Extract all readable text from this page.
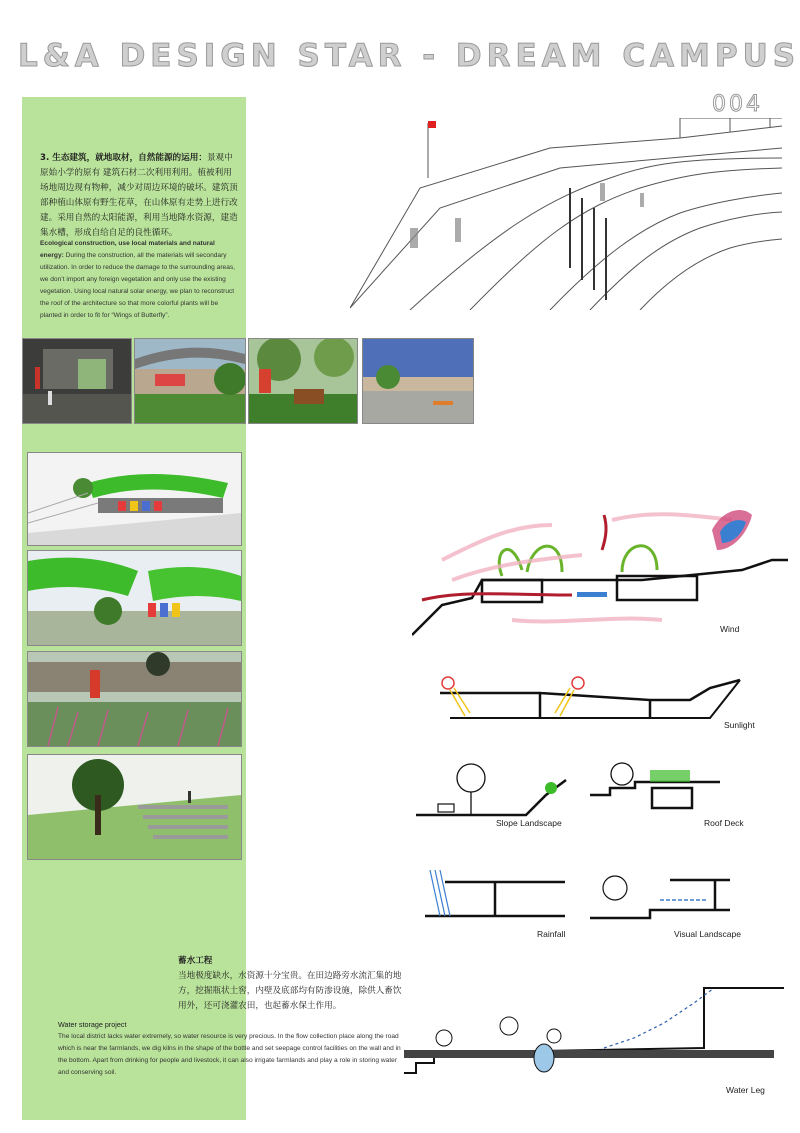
L&A DESIGN STAR - DREAM CAMPUS
004
3. 生态建筑，就地取材，自然能源的运用：景观中原始小学的原有 建筑石材二次利用利用。植被利用场地周边现有物种，减少对周边环境的破坏。建筑顶部种植山体原有野生花草，在山体原有走势上进行改建。采用自然的太阳能源，利用当地降水资源，建造集水槽，形成自给自足的良性循环。
Ecological construction, use local materials and natural energy: During the construction, all the materials will secondary utilization. In order to reduce the damage to the surrounding areas, we don’t import any foreign vegetation and only use the existing vegetation. Using local natural solar energy, we plan to reconstruct the roof of the architecture so that more colorful plants will be planted in order to fit for “Wings of Butterfly”.
Wind
Sunlight
Slope Landscape	Roof Deck
Rainfall	Visual Landscape
Water Leg
蓄水工程
当地极度缺水，水资源十分宝贵。在田边路旁水流汇集的地方，挖掘瓶状土窖，内壁及底部均有防渗设施，除供人畜饮用外，还可浇灌农田，也起蓄水保土作用。
Water storage project
The local district lacks water extremely, so water resource is very precious. In the flow collection place along the road which is near the farmlands, we dig kilns in the shape of the bottle and set seepage control facilities on the wall and in the bottom. Apart from drinking for people and livestock, it can also irrigate farmlands and play a role in storing water and conserving soil.
